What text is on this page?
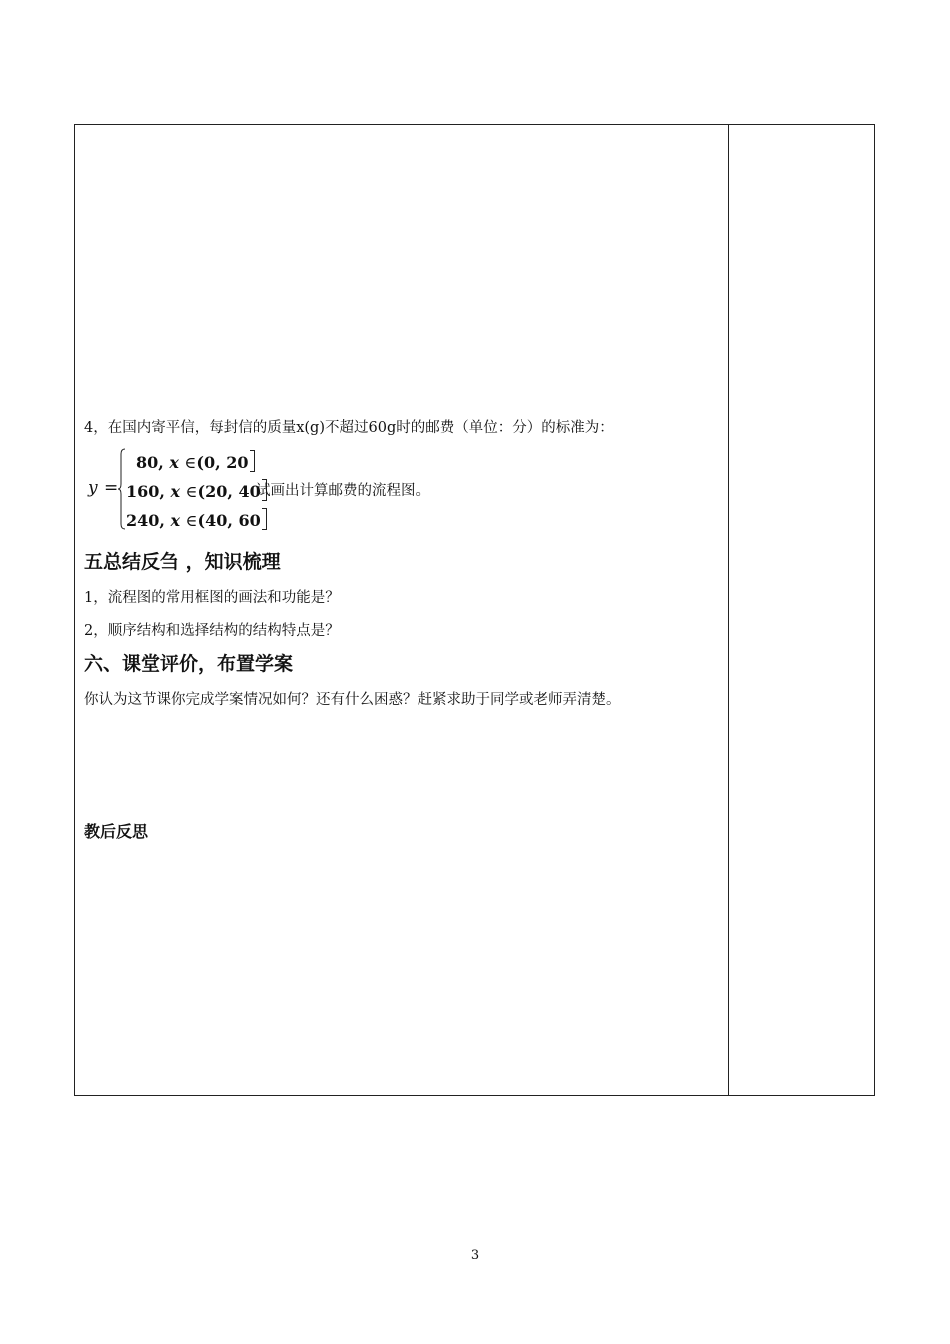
4，在国内寄平信，每封信的质量x(g)不超过60g时的邮费（单位：分）的标准为：
y =
80, x ∈(0, 20
160, x ∈(20, 40
240, x ∈(40, 60
试画出计算邮费的流程图。
五总结反刍 ，知识梳理
1，流程图的常用框图的画法和功能是？
2，顺序结构和选择结构的结构特点是？
六、课堂评价，布置学案
你认为这节课你完成学案情况如何？还有什么困惑？赶紧求助于同学或老师弄清楚。
教后反思
3
